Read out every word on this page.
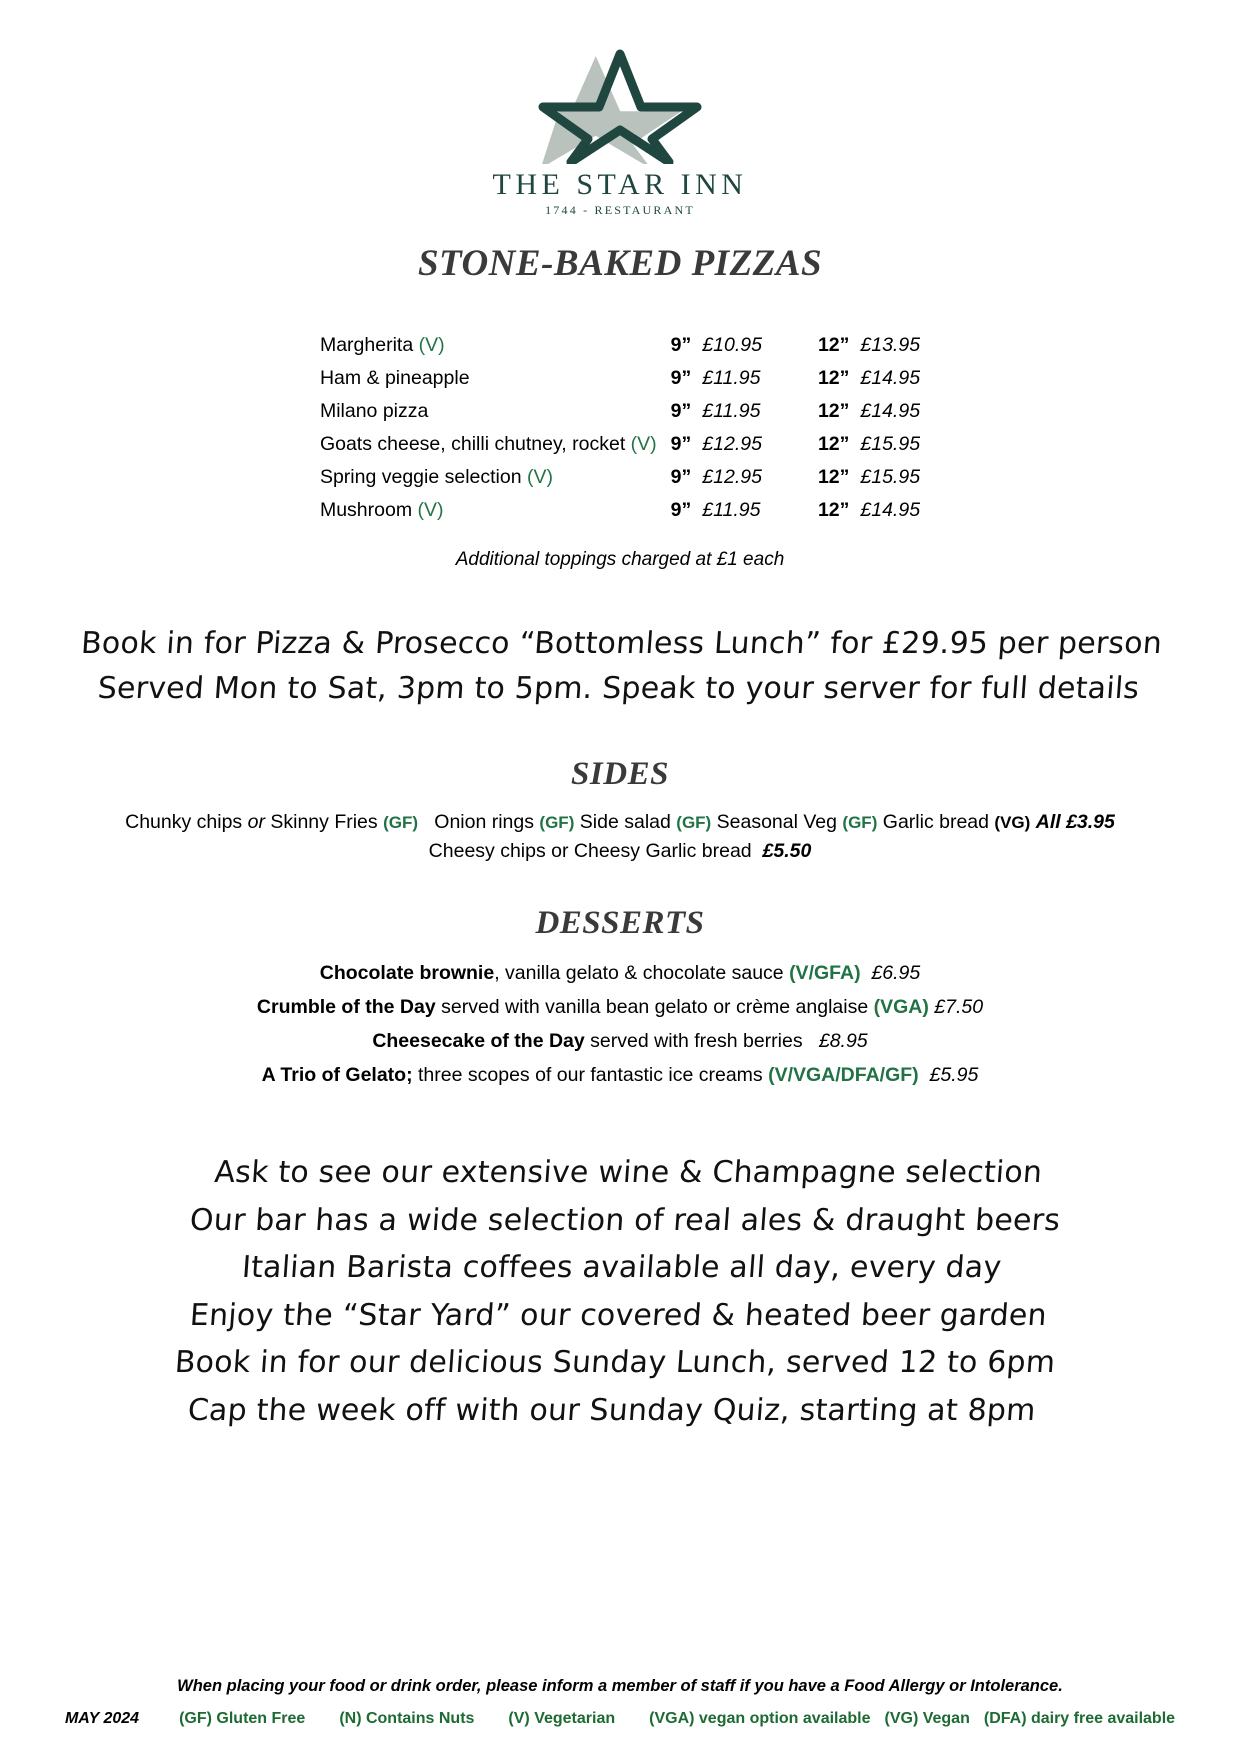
THE STAR INN
1744 - RESTAURANT
STONE-BAKED PIZZAS
Margherita (V)	9”	£10.95	12”	£13.95
Ham & pineapple	9”	£11.95	12”	£14.95
Milano pizza	9”	£11.95	12”	£14.95
Goats cheese, chilli chutney, rocket (V)	9”	£12.95	12”	£15.95
Spring veggie selection (V)	9”	£12.95	12”	£15.95
Mushroom (V)	9”	£11.95	12”	£14.95
Additional toppings charged at £1 each
Book in for Pizza & Prosecco “Bottomless Lunch” for £29.95 per person
Served Mon to Sat, 3pm to 5pm. Speak to your server for full details
SIDES
Chunky chips or Skinny Fries (GF) Onion rings (GF) Side salad (GF) Seasonal Veg (GF) Garlic bread (VG) All £3.95
Cheesy chips or Cheesy Garlic bread £5.50
DESSERTS
Chocolate brownie, vanilla gelato & chocolate sauce (V/GFA) £6.95
Crumble of the Day served with vanilla bean gelato or crème anglaise (VGA) £7.50
Cheesecake of the Day served with fresh berries £8.95
A Trio of Gelato; three scopes of our fantastic ice creams (V/VGA/DFA/GF) £5.95
Ask to see our extensive wine & Champagne selection
Our bar has a wide selection of real ales & draught beers
Italian Barista coffees available all day, every day
Enjoy the “Star Yard” our covered & heated beer garden
Book in for our delicious Sunday Lunch, served 12 to 6pm
Cap the week off with our Sunday Quiz, starting at 8pm
When placing your food or drink order, please inform a member of staff if you have a Food Allergy or Intolerance.
MAY 2024	(GF) Gluten Free (N) Contains Nuts (V) Vegetarian (VGA) vegan option available (VG) Vegan (DFA) dairy free available
